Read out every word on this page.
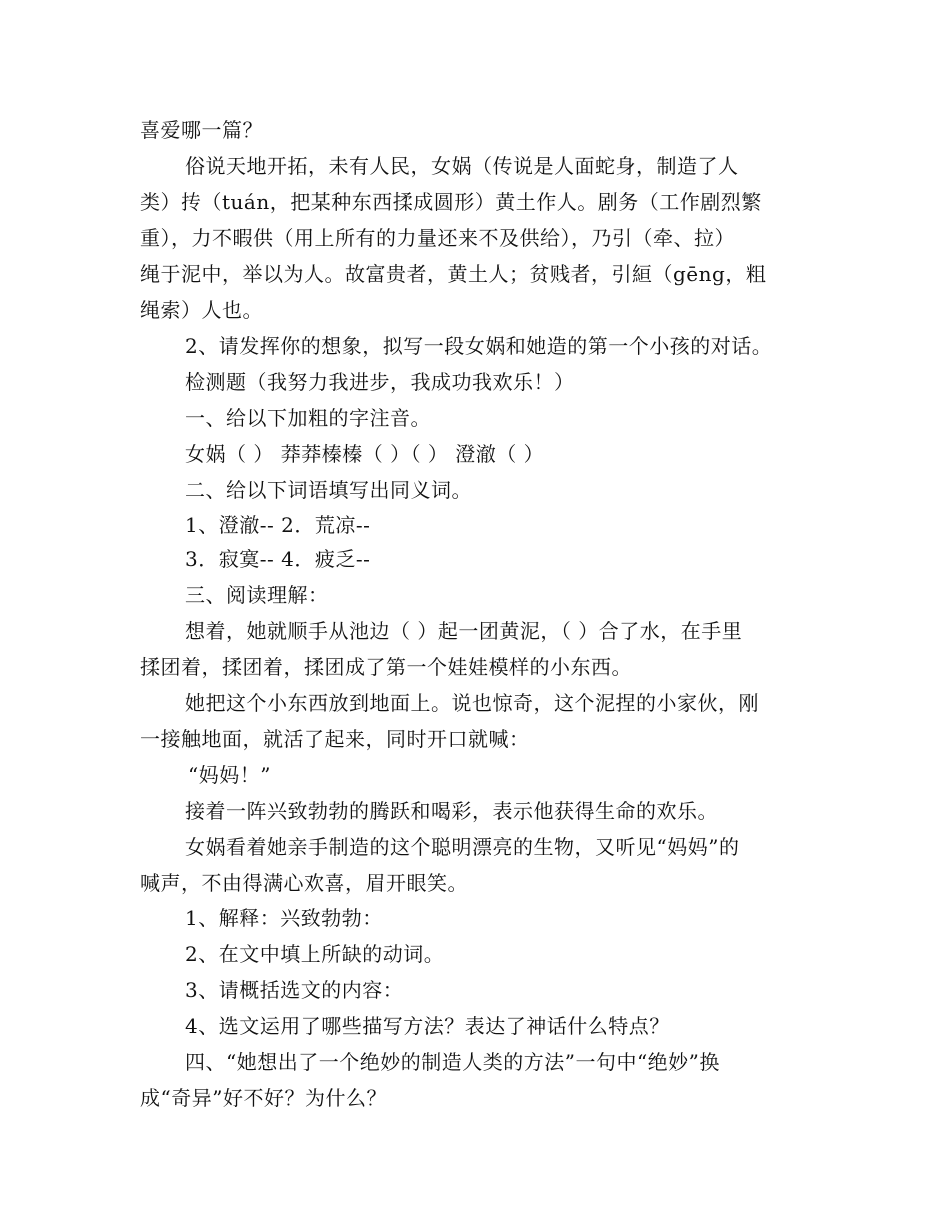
喜爱哪一篇？
俗说天地开拓，未有人民，女娲（传说是人面蛇身，制造了人
类）抟（tuán，把某种东西揉成圆形）黄土作人。剧务（工作剧烈繁
重），力不暇供（用上所有的力量还来不及供给），乃引（牵、拉）
绳于泥中，举以为人。故富贵者，黄土人；贫贱者，引絙（gēng，粗
绳索）人也。
2、请发挥你的想象，拟写一段女娲和她造的第一个小孩的对话。
检测题（我努力我进步，我成功我欢乐！）
一、给以下加粗的字注音。
女娲（ ） 莽莽榛榛（ ）（ ） 澄澈（ ）
二、给以下词语填写出同义词。
1、澄澈-- 2．荒凉--
3．寂寞-- 4．疲乏--
三、阅读理解：
想着，她就顺手从池边（ ）起一团黄泥，（ ）合了水，在手里
揉团着，揉团着，揉团成了第一个娃娃模样的小东西。
她把这个小东西放到地面上。说也惊奇，这个泥捏的小家伙，刚
一接触地面，就活了起来，同时开口就喊：
“妈妈！”
接着一阵兴致勃勃的腾跃和喝彩，表示他获得生命的欢乐。
女娲看着她亲手制造的这个聪明漂亮的生物，又听见“妈妈”的
喊声，不由得满心欢喜，眉开眼笑。
1、解释：兴致勃勃：
2、在文中填上所缺的动词。
3、请概括选文的内容：
4、选文运用了哪些描写方法？表达了神话什么特点？
四、“她想出了一个绝妙的制造人类的方法”一句中“绝妙”换
成“奇异”好不好？为什么？
